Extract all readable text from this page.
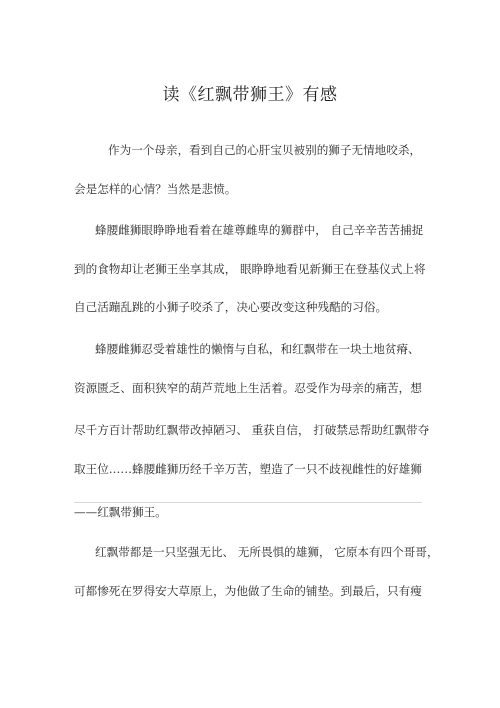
读《红飘带狮王》有感
作为一个母亲，看到自己的心肝宝贝被别的狮子无情地咬杀，
会是怎样的心情？当然是悲愤。
蜂腰雌狮眼睁睁地看着在雄尊雌卑的狮群中， 自己辛辛苦苦捕捉
到的食物却让老狮王坐享其成， 眼睁睁地看见新狮王在登基仪式上将
自己活蹦乱跳的小狮子咬杀了，决心要改变这种残酷的习俗。
蜂腰雌狮忍受着雄性的懒惰与自私，和红飘带在一块土地贫瘠、
资源匮乏、面积狭窄的葫芦荒地上生活着。忍受作为母亲的痛苦，想
尽千方百计帮助红飘带改掉陋习、 重获自信， 打破禁忌帮助红飘带夺
取王位……蜂腰雌狮历经千辛万苦，塑造了一只不歧视雌性的好雄狮
——红飘带狮王。
红飘带都是一只坚强无比、 无所畏惧的雄狮， 它原本有四个哥哥，
可都惨死在罗得安大草原上，为他做了生命的铺垫。到最后，只有瘦
